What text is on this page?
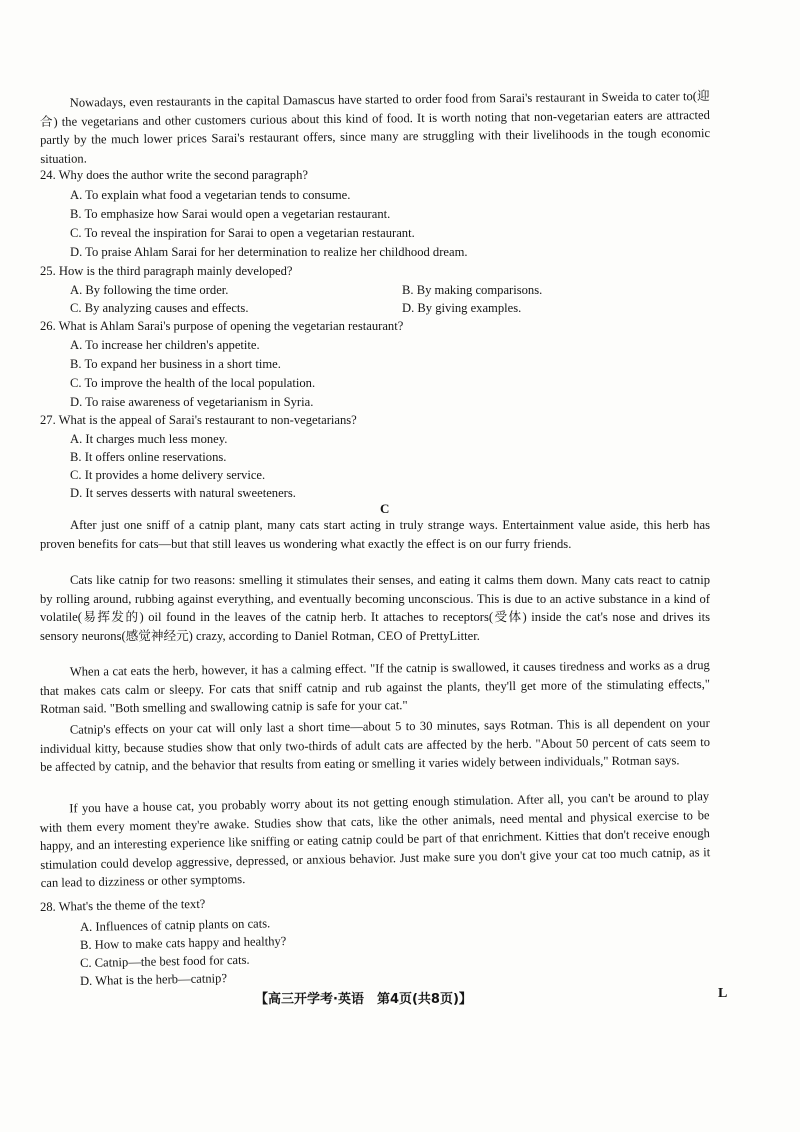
Nowadays, even restaurants in the capital Damascus have started to order food from Sarai's restaurant in Sweida to cater to(迎合) the vegetarians and other customers curious about this kind of food. It is worth noting that non-vegetarian eaters are attracted partly by the much lower prices Sarai's restaurant offers, since many are struggling with their livelihoods in the tough economic situation.

24. Why does the author write the second paragraph?
A. To explain what food a vegetarian tends to consume.
B. To emphasize how Sarai would open a vegetarian restaurant.
C. To reveal the inspiration for Sarai to open a vegetarian restaurant.
D. To praise Ahlam Sarai for her determination to realize her childhood dream.
25. How is the third paragraph mainly developed?
A. By following the time order.	B. By making comparisons.
C. By analyzing causes and effects.	D. By giving examples.
26. What is Ahlam Sarai's purpose of opening the vegetarian restaurant?
A. To increase her children's appetite.
B. To expand her business in a short time.
C. To improve the health of the local population.
D. To raise awareness of vegetarianism in Syria.
27. What is the appeal of Sarai's restaurant to non-vegetarians?
A. It charges much less money.
B. It offers online reservations.
C. It provides a home delivery service.
D. It serves desserts with natural sweeteners.
C

After just one sniff of a catnip plant, many cats start acting in truly strange ways. Entertainment value aside, this herb has proven benefits for cats—but that still leaves us wondering what exactly the effect is on our furry friends.

Cats like catnip for two reasons: smelling it stimulates their senses, and eating it calms them down. Many cats react to catnip by rolling around, rubbing against everything, and eventually becoming unconscious. This is due to an active substance in a kind of volatile(易挥发的) oil found in the leaves of the catnip herb. It attaches to receptors(受体) inside the cat's nose and drives its sensory neurons(感觉神经元) crazy, according to Daniel Rotman, CEO of PrettyLitter.

When a cat eats the herb, however, it has a calming effect. "If the catnip is swallowed, it causes tiredness and works as a drug that makes cats calm or sleepy. For cats that sniff catnip and rub against the plants, they'll get more of the stimulating effects," Rotman said. "Both smelling and swallowing catnip is safe for your cat."

Catnip's effects on your cat will only last a short time—about 5 to 30 minutes, says Rotman. This is all dependent on your individual kitty, because studies show that only two-thirds of adult cats are affected by the herb. "About 50 percent of cats seem to be affected by catnip, and the behavior that results from eating or smelling it varies widely between individuals," Rotman says.

If you have a house cat, you probably worry about its not getting enough stimulation. After all, you can't be around to play with them every moment they're awake. Studies show that cats, like the other animals, need mental and physical exercise to be happy, and an interesting experience like sniffing or eating catnip could be part of that enrichment. Kitties that don't receive enough stimulation could develop aggressive, depressed, or anxious behavior. Just make sure you don't give your cat too much catnip, as it can lead to dizziness or other symptoms.

28. What's the theme of the text?
A. Influences of catnip plants on cats.
B. How to make cats happy and healthy?
C. Catnip—the best food for cats.
D. What is the herb—catnip?
【高三开学考·英语　第4页(共8页)】	L
